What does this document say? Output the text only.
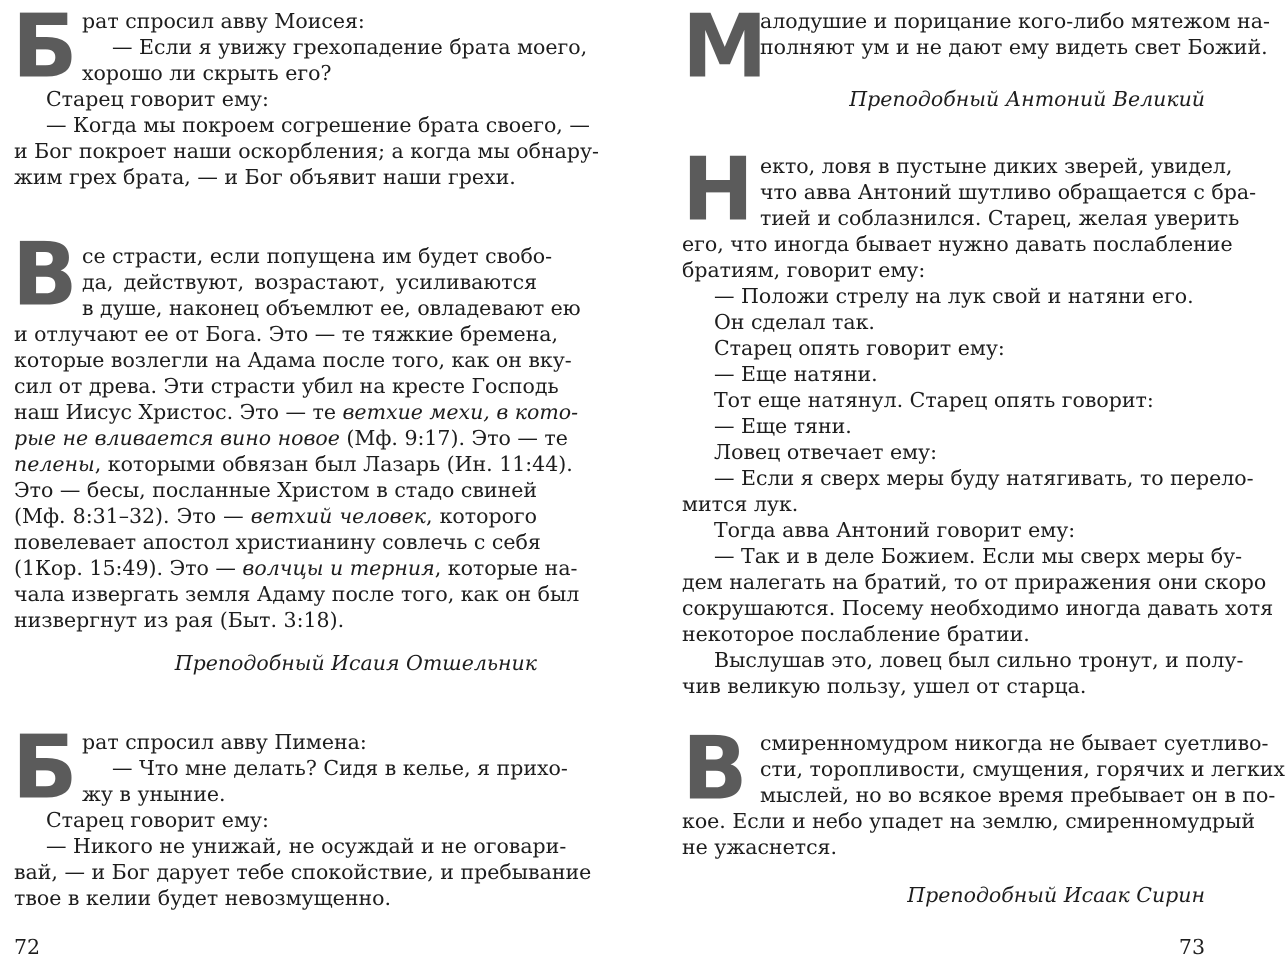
Б рат спросил авву Моисея:
— Если я увижу грехопадение брата моего,
хорошо ли скрыть его?
Старец говорит ему:
— Когда мы покроем согрешение брата своего, —
и Бог покроет наши оскорбления; а когда мы обнару-
жим грех брата, — и Бог объявит наши грехи.
В се страсти, если попущена им будет свобо-
да, действуют, возрастают, усиливаются
в душе, наконец объемлют ее, овладевают ею
и отлучают ее от Бога. Это — те тяжкие бремена,
которые возлегли на Адама после того, как он вку-
сил от древа. Эти страсти убил на кресте Господь
наш Иисус Христос. Это — те ветхие мехи, в кото-
рые не вливается вино новое (Мф. 9:17). Это — те
пелены, которыми обвязан был Лазарь (Ин. 11:44).
Это — бесы, посланные Христом в стадо свиней
(Мф. 8:31–32). Это — ветхий человек, которого
повелевает апостол христианину совлечь с себя
(1Кор. 15:49). Это — волчцы и терния, которые на-
чала извергать земля Адаму после того, как он был
низвергнут из рая (Быт. 3:18).
Преподобный Исаия Отшельник
Б рат спросил авву Пимена:
— Что мне делать? Сидя в келье, я прихо-
жу в уныние.
Старец говорит ему:
— Никого не унижай, не осуждай и не оговари-
вай, — и Бог дарует тебе спокойствие, и пребывание
твое в келии будет невозмущенно.
72
М
алодушие и порицание кого-либо мятежом на-
полняют ум и не дают ему видеть свет Божий.
Преподобный Антоний Великий
Н екто, ловя в пустыне диких зверей, увидел,
что авва Антоний шутливо обращается с бра-
тией и соблазнился. Старец, желая уверить
его, что иногда бывает нужно давать послабление
братиям, говорит ему:
— Положи стрелу на лук свой и натяни его.
Он сделал так.
Старец опять говорит ему:
— Еще натяни.
Тот еще натянул. Старец опять говорит:
— Еще тяни.
Ловец отвечает ему:
— Если я сверх меры буду натягивать, то перело-
мится лук.
Тогда авва Антоний говорит ему:
— Так и в деле Божием. Если мы сверх меры бу-
дем налегать на братий, то от приражения они скоро
сокрушаются. Посему необходимо иногда давать хотя
некоторое послабление братии.
Выслушав это, ловец был сильно тронут, и полу-
чив великую пользу, ушел от старца.
В смиренномудром никогда не бывает суетливо-
сти, торопливости, смущения, горячих и легких
мыслей, но во всякое время пребывает он в по-
кое. Если и небо упадет на землю, смиренномудрый
не ужаснется.
Преподобный Исаак Сирин
73
